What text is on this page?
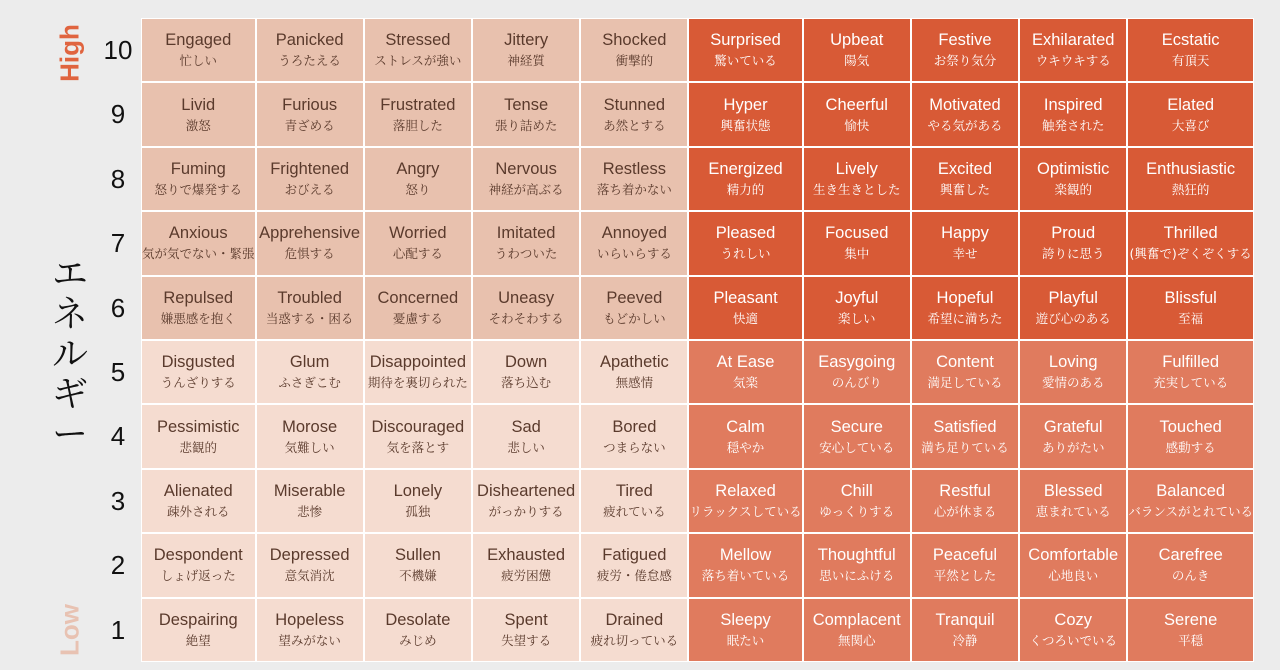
High
エ
ネ
ル
ギ
ー
Low
10
9
8
7
6
5
4
3
2
1
Engaged
忙しい
Panicked
うろたえる
Stressed
ストレスが強い
Jittery
神経質
Shocked
衝撃的
Surprised
驚いている
Upbeat
陽気
Festive
お祭り気分
Exhilarated
ウキウキする
Ecstatic
有頂天
Livid
激怒
Furious
青ざめる
Frustrated
落胆した
Tense
張り詰めた
Stunned
あ然とする
Hyper
興奮状態
Cheerful
愉快
Motivated
やる気がある
Inspired
触発された
Elated
大喜び
Fuming
怒りで爆発する
Frightened
おびえる
Angry
怒り
Nervous
神経が高ぶる
Restless
落ち着かない
Energized
精力的
Lively
生き生きとした
Excited
興奮した
Optimistic
楽観的
Enthusiastic
熱狂的
Anxious
気が気でない・緊張
Apprehensive
危惧する
Worried
心配する
Imitated
うわついた
Annoyed
いらいらする
Pleased
うれしい
Focused
集中
Happy
幸せ
Proud
誇りに思う
Thrilled
(興奮で)ぞくぞくする
Repulsed
嫌悪感を抱く
Troubled
当惑する・困る
Concerned
憂慮する
Uneasy
そわそわする
Peeved
もどかしい
Pleasant
快適
Joyful
楽しい
Hopeful
希望に満ちた
Playful
遊び心のある
Blissful
至福
Disgusted
うんざりする
Glum
ふさぎこむ
Disappointed
期待を裏切られた
Down
落ち込む
Apathetic
無感情
At Ease
気楽
Easygoing
のんびり
Content
満足している
Loving
愛情のある
Fulfilled
充実している
Pessimistic
悲観的
Morose
気難しい
Discouraged
気を落とす
Sad
悲しい
Bored
つまらない
Calm
穏やか
Secure
安心している
Satisfied
満ち足りている
Grateful
ありがたい
Touched
感動する
Alienated
疎外される
Miserable
悲惨
Lonely
孤独
Disheartened
がっかりする
Tired
疲れている
Relaxed
リラックスしている
Chill
ゆっくりする
Restful
心が休まる
Blessed
恵まれている
Balanced
バランスがとれている
Despondent
しょげ返った
Depressed
意気消沈
Sullen
不機嫌
Exhausted
疲労困憊
Fatigued
疲労・倦怠感
Mellow
落ち着いている
Thoughtful
思いにふける
Peaceful
平然とした
Comfortable
心地良い
Carefree
のんき
Despairing
絶望
Hopeless
望みがない
Desolate
みじめ
Spent
失望する
Drained
疲れ切っている
Sleepy
眠たい
Complacent
無関心
Tranquil
冷静
Cozy
くつろいでいる
Serene
平穏
